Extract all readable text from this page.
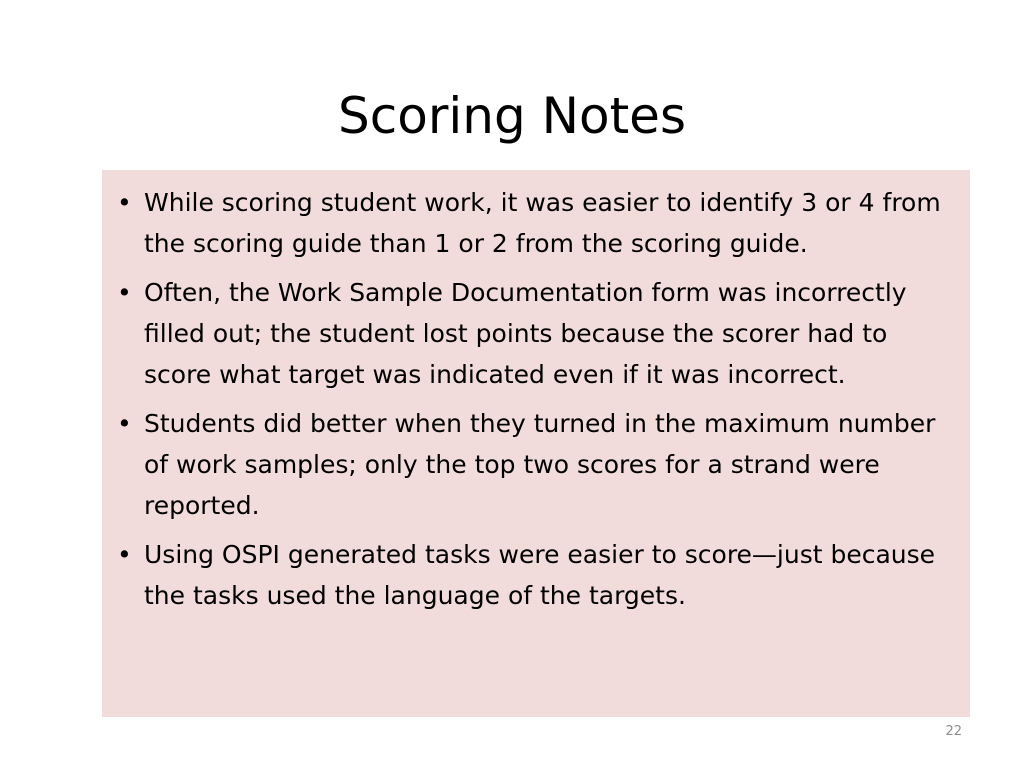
Scoring Notes
• While scoring student work, it was easier to identify 3 or 4 from the scoring guide than 1 or 2 from the scoring guide.
• Often, the Work Sample Documentation form was incorrectly filled out; the student lost points because the scorer had to score what target was indicated even if it was incorrect.
• Students did better when they turned in the maximum number of work samples; only the top two scores for a strand were reported.
• Using OSPI generated tasks were easier to score—just because the tasks used the language of the targets.
22
